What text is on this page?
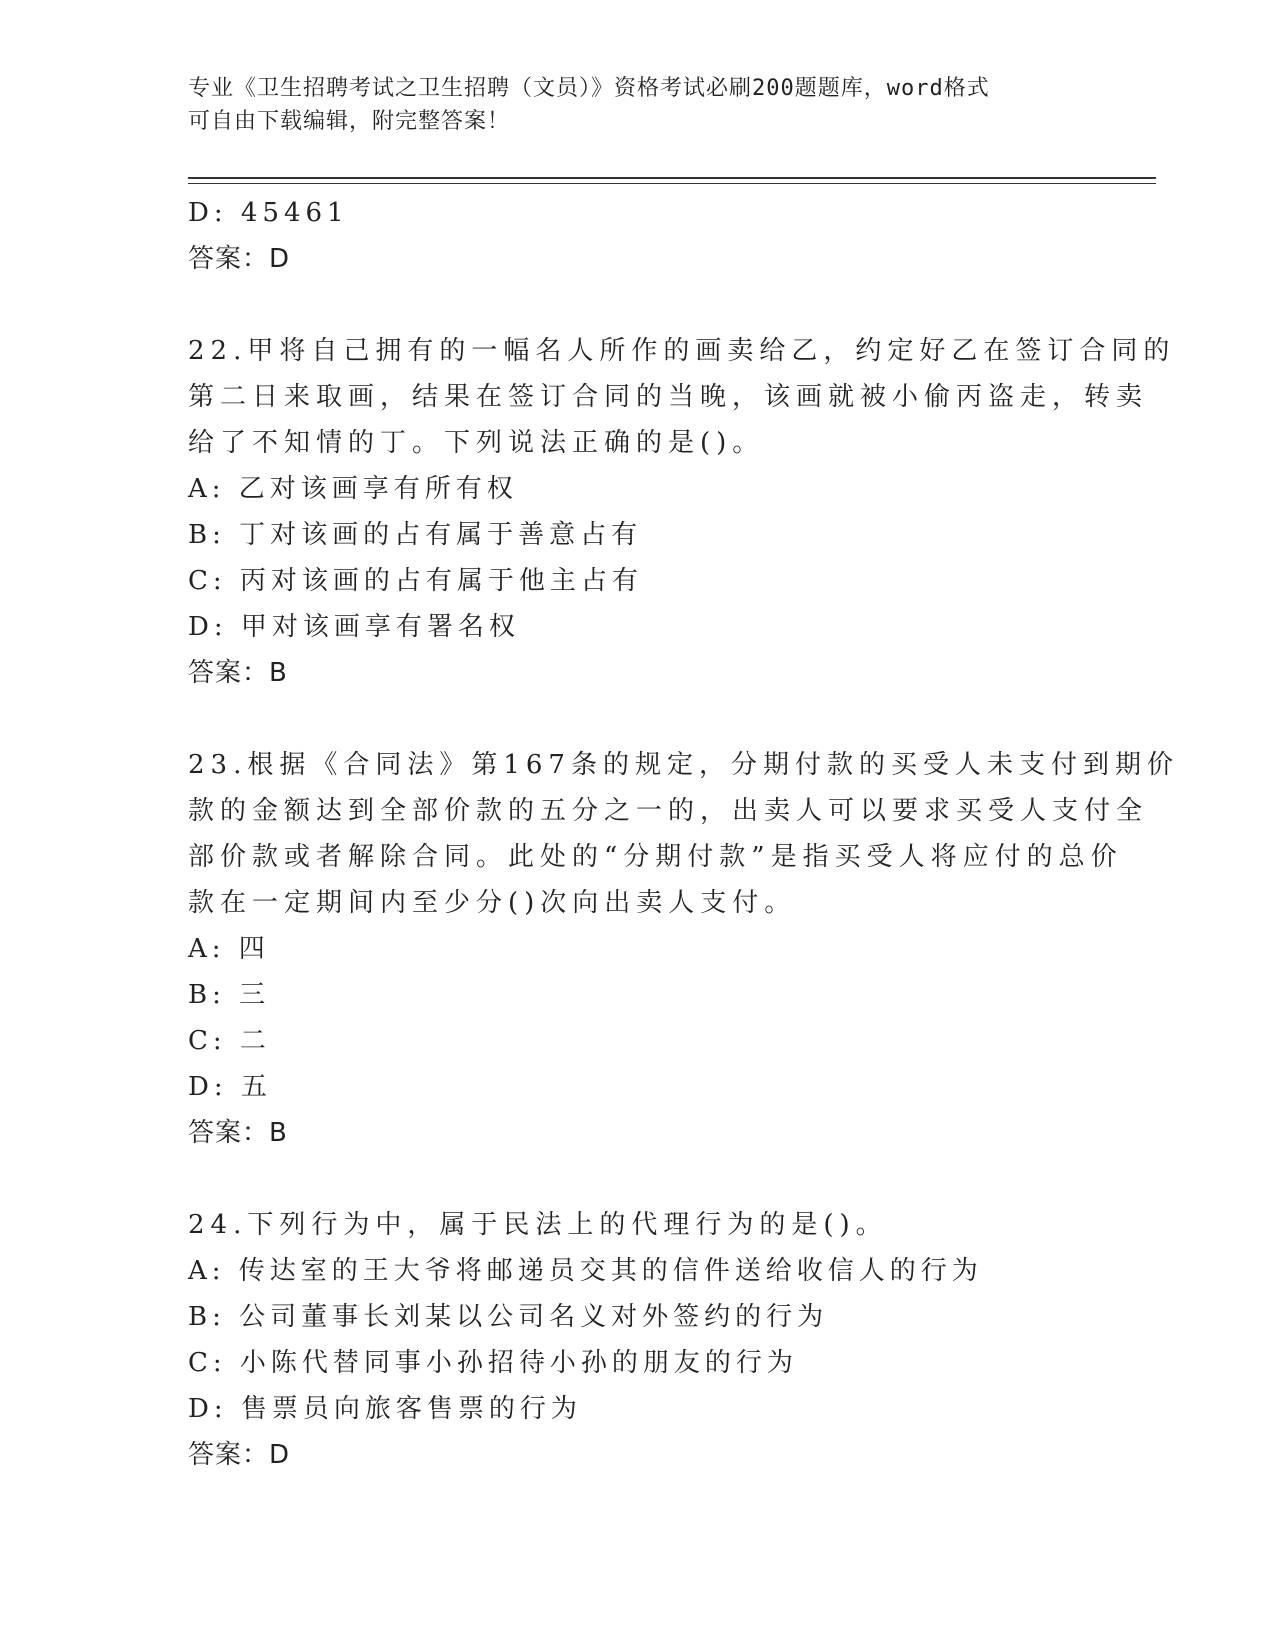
专业《卫生招聘考试之卫生招聘（文员）》资格考试必刷200题题库，word格式
可自由下载编辑，附完整答案！
D: 45461
答案：D
22.甲将自己拥有的一幅名人所作的画卖给乙，约定好乙在签订合同的
第二日来取画，结果在签订合同的当晚，该画就被小偷丙盗走，转卖
给了不知情的丁。下列说法正确的是()。
A: 乙对该画享有所有权
B: 丁对该画的占有属于善意占有
C: 丙对该画的占有属于他主占有
D: 甲对该画享有署名权
答案：B
23.根据《合同法》第167条的规定，分期付款的买受人未支付到期价
款的金额达到全部价款的五分之一的，出卖人可以要求买受人支付全
部价款或者解除合同。此处的“分期付款”是指买受人将应付的总价
款在一定期间内至少分()次向出卖人支付。
A: 四
B: 三
C: 二
D: 五
答案：B
24.下列行为中，属于民法上的代理行为的是()。
A: 传达室的王大爷将邮递员交其的信件送给收信人的行为
B: 公司董事长刘某以公司名义对外签约的行为
C: 小陈代替同事小孙招待小孙的朋友的行为
D: 售票员向旅客售票的行为
答案：D
